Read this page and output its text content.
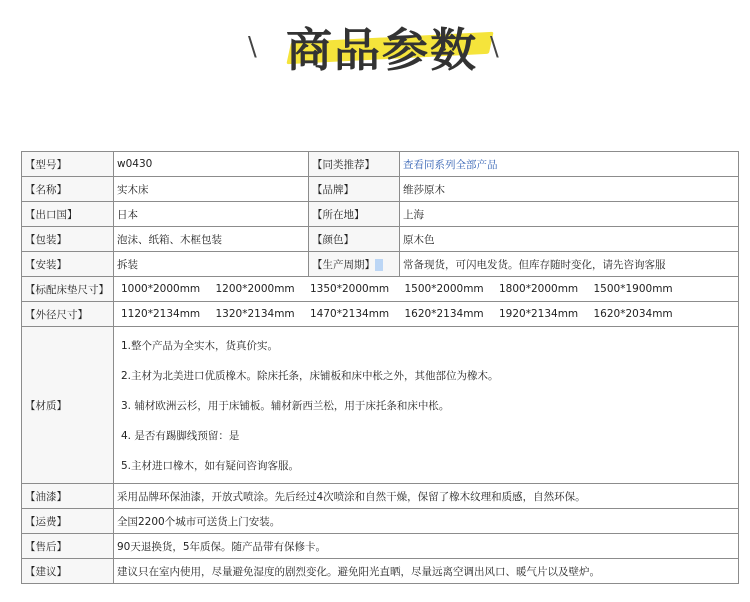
\ 商品参数 \
【型号】	w0430	【同类推荐】	查看同系列全部产品
【名称】	实木床	【品牌】	维莎原木
【出口国】	日本	【所在地】	上海
【包装】	泡沫、纸箱、木框包装	【颜色】	原木色
【安装】	拆装	【生产周期】	常备现货，可闪电发货。但库存随时变化，请先咨询客服
【标配床垫尺寸】	1000*2000mm 1200*2000mm 1350*2000mm 1500*2000mm 1800*2000mm 1500*1900mm		
【外径尺寸】	1120*2134mm 1320*2134mm 1470*2134mm 1620*2134mm 1920*2134mm 1620*2034mm		
【材质】	1.整个产品为全实木，货真价实。
2.主材为北美进口优质橡木。除床托条，床铺板和床中枨之外，其他部位为橡木。
3. 辅材欧洲云杉，用于床铺板。辅材新西兰松，用于床托条和床中枨。
4. 是否有踢脚线预留：是
5.主材进口橡木，如有疑问咨询客服。		

【油漆】	采用品牌环保油漆，开放式喷涂。先后经过4次喷涂和自然干燥，保留了橡木纹理和质感，自然环保。		
【运费】	全国2200个城市可送货上门安装。		
【售后】	90天退换货，5年质保。随产品带有保修卡。		
【建议】	建议只在室内使用，尽量避免湿度的剧烈变化。避免阳光直晒，尽量远离空调出风口、暖气片以及壁炉。		
